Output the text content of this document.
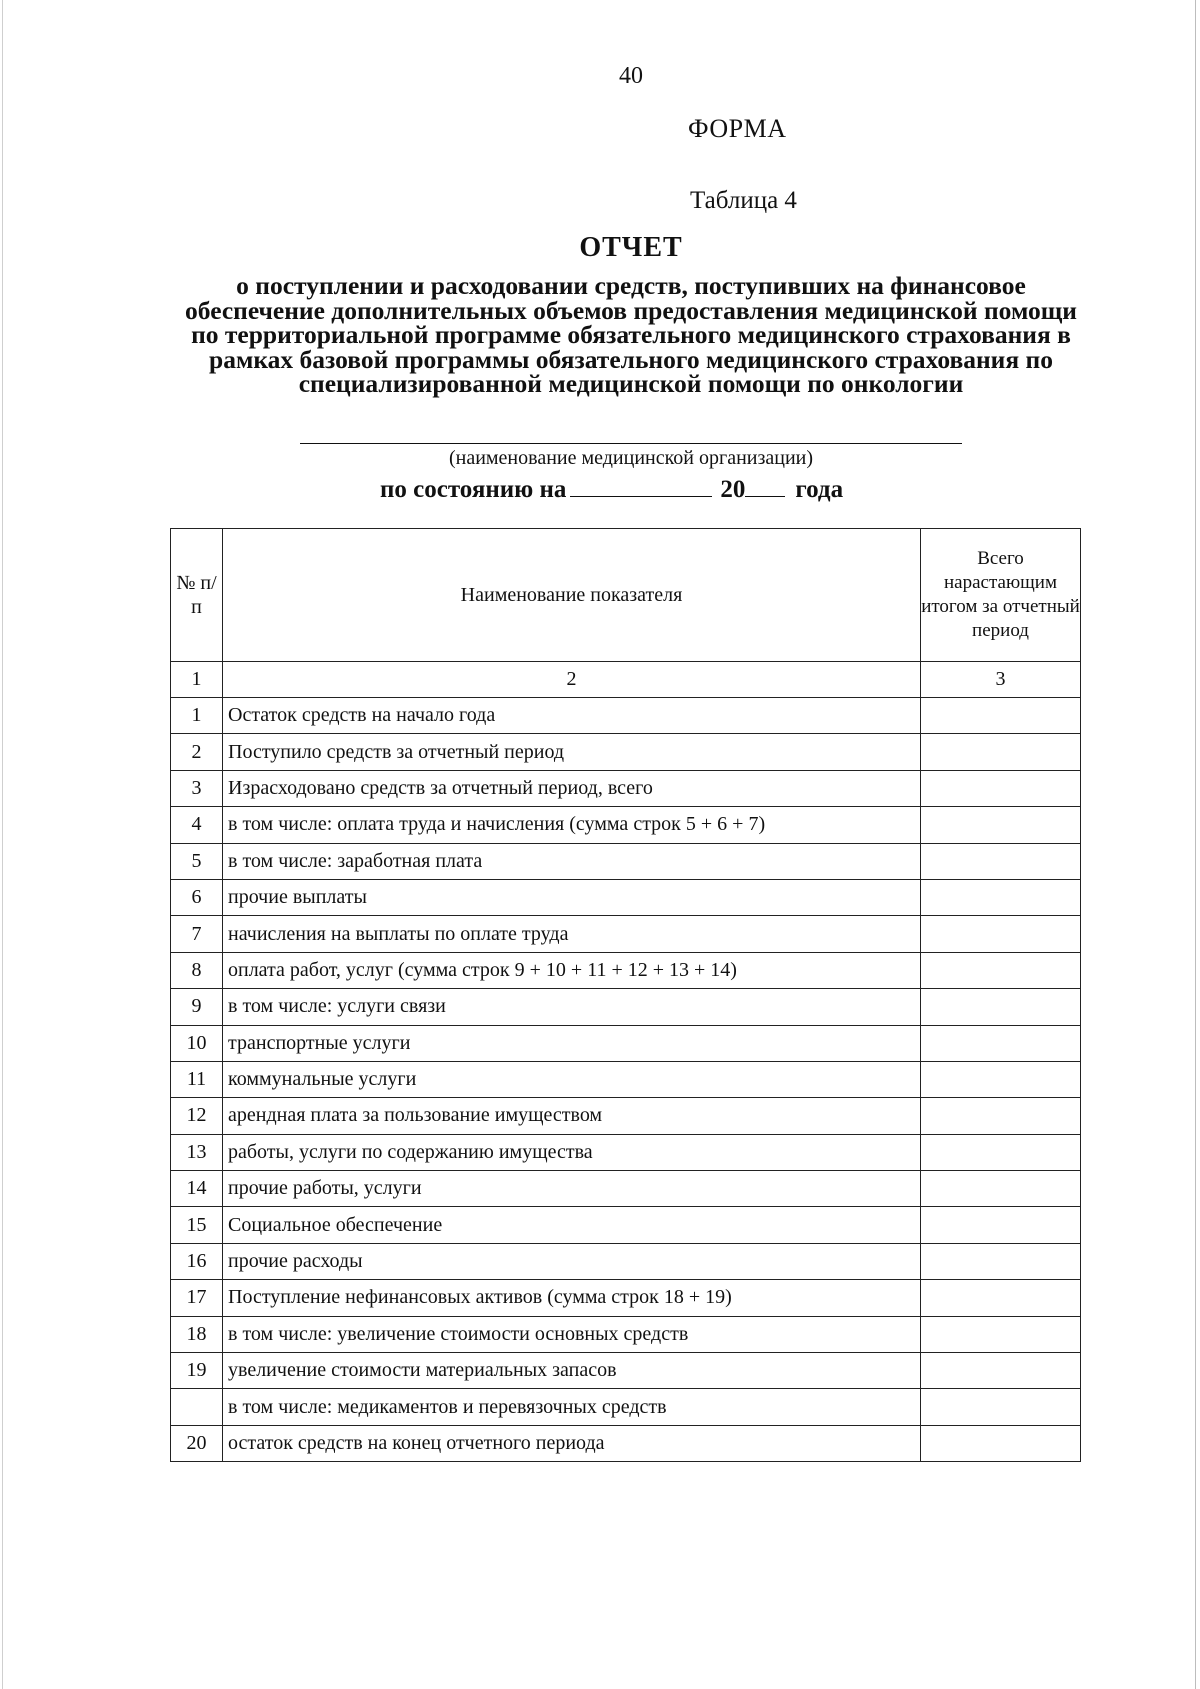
40
ФОРМА
Таблица 4
ОТЧЕТ
о поступлении и расходовании средств, поступивших на финансовое обеспечение дополнительных объемов предоставления медицинской помощи по территориальной программе обязательного медицинского страхования в рамках базовой программы обязательного медицинского страхования по специализированной медицинской помощи по онкологии
(наименование медицинской организации)
по состоянию на	20 года
№ п/п	Наименование показателя	Всего нарастающим итогом за отчетный период
1	2	3
1	Остаток средств на начало года	
2	Поступило средств за отчетный период	
3	Израсходовано средств за отчетный период, всего	
4	в том числе: оплата труда и начисления (сумма строк 5 + 6 + 7)	
5	в том числе: заработная плата	
6	прочие выплаты	
7	начисления на выплаты по оплате труда	
8	оплата работ, услуг (сумма строк 9 + 10 + 11 + 12 + 13 + 14)	
9	в том числе: услуги связи	
10	транспортные услуги	
11	коммунальные услуги	
12	арендная плата за пользование имуществом	
13	работы, услуги по содержанию имущества	
14	прочие работы, услуги	
15	Социальное обеспечение	
16	прочие расходы	
17	Поступление нефинансовых активов (сумма строк 18 + 19)	
18	в том числе: увеличение стоимости основных средств	
19	увеличение стоимости материальных запасов	
	в том числе: медикаментов и перевязочных средств	
20	остаток средств на конец отчетного периода	
